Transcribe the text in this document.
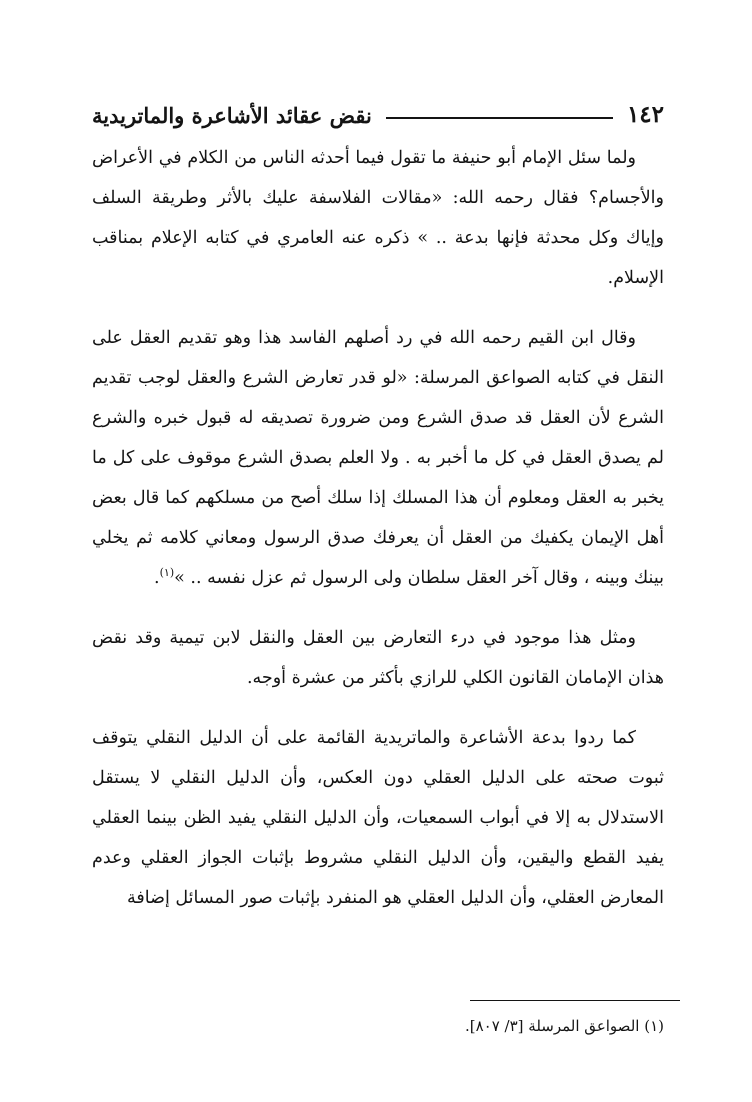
١٤٢
نقض عقائد الأشاعرة والماتريدية

ولما سئل الإمام أبو حنيفة ما تقول فيما أحدثه الناس من الكلام في الأعراض والأجسام؟ فقال رحمه الله: «مقالات الفلاسفة عليك بالأثر وطريقة السلف وإياك وكل محدثة فإنها بدعة .. » ذكره عنه العامري في كتابه الإعلام بمناقب الإسلام.

وقال ابن القيم رحمه الله في رد أصلهم الفاسد هذا وهو تقديم العقل على النقل في كتابه الصواعق المرسلة: «لو قدر تعارض الشرع والعقل لوجب تقديم الشرع لأن العقل قد صدق الشرع ومن ضرورة تصديقه له قبول خبره والشرع لم يصدق العقل في كل ما أخبر به . ولا العلم بصدق الشرع موقوف على كل ما يخبر به العقل ومعلوم أن هذا المسلك إذا سلك أصح من مسلكهم كما قال بعض أهل الإيمان يكفيك من العقل أن يعرفك صدق الرسول ومعاني كلامه ثم يخلي بينك وبينه ، وقال آخر العقل سلطان ولى الرسول ثم عزل نفسه .. »$^{(١)}$.

ومثل هذا موجود في درء التعارض بين العقل والنقل لابن تيمية وقد نقض هذان الإمامان القانون الكلي للرازي بأكثر من عشرة أوجه.

كما ردوا بدعة الأشاعرة والماتريدية القائمة على أن الدليل النقلي يتوقف ثبوت صحته على الدليل العقلي دون العكس، وأن الدليل النقلي لا يستقل الاستدلال به إلا في أبواب السمعيات، وأن الدليل النقلي يفيد الظن بينما العقلي يفيد القطع واليقين، وأن الدليل النقلي مشروط بإثبات الجواز العقلي وعدم المعارض العقلي، وأن الدليل العقلي هو المنفرد بإثبات صور المسائل إضافة

(١) الصواعق المرسلة [٣/ ٨٠٧].
